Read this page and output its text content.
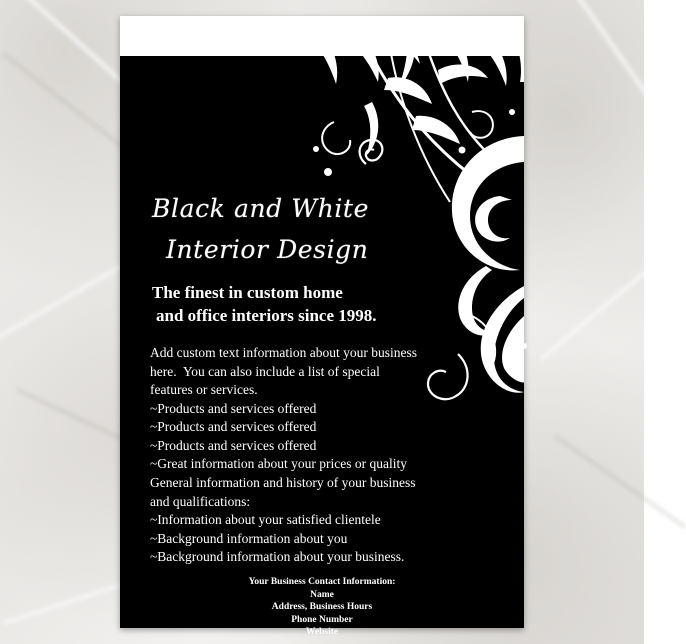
Black and White
Interior Design
The finest in custom home
and office interiors since 1998.
Add custom text information about your business
here.  You can also include a list of special
features or services.
~Products and services offered
~Products and services offered
~Products and services offered
~Great information about your prices or quality
General information and history of your business
and qualifications:
~Information about your satisfied clientele
~Background information about you
~Background information about your business.
Your Business Contact Information:
Name
Address, Business Hours
Phone Number
Website
